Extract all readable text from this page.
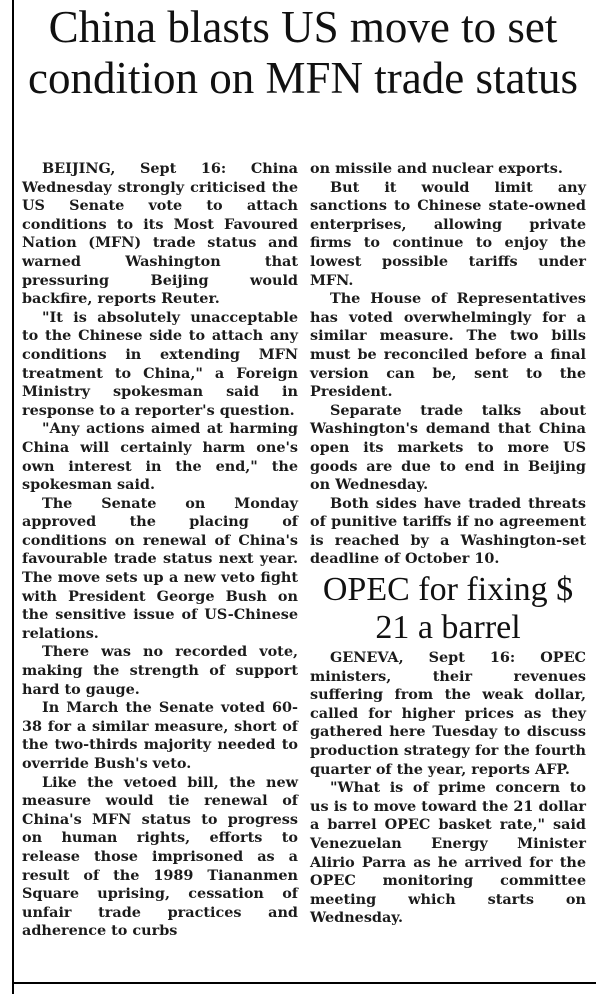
China blasts US move to set condition on MFN trade status

BEIJING, Sept 16: China Wednesday strongly criticised the US Senate vote to attach conditions to its Most Favoured Nation (MFN) trade status and warned Washington that pressuring Beijing would backfire, reports Reuter.

"It is absolutely unacceptable to the Chinese side to attach any conditions in extending MFN treatment to China," a Foreign Ministry spokesman said in response to a reporter's question.

"Any actions aimed at harming China will certainly harm one's own interest in the end," the spokesman said.

The Senate on Monday approved the placing of conditions on renewal of China's favourable trade status next year. The move sets up a new veto fight with President George Bush on the sensitive issue of US-Chinese relations.

There was no recorded vote, making the strength of support hard to gauge.

In March the Senate voted 60-38 for a similar measure, short of the two-thirds majority needed to override Bush's veto.

Like the vetoed bill, the new measure would tie renewal of China's MFN status to progress on human rights, efforts to release those imprisoned as a result of the 1989 Tiananmen Square uprising, cessation of unfair trade practices and adherence to curbs

on missile and nuclear exports.

But it would limit any sanctions to Chinese state-owned enterprises, allowing private firms to continue to enjoy the lowest possible tariffs under MFN.

The House of Representatives has voted overwhelmingly for a similar measure. The two bills must be reconciled before a final version can be, sent to the President.

Separate trade talks about Washington's demand that China open its markets to more US goods are due to end in Beijing on Wednesday.

Both sides have traded threats of punitive tariffs if no agreement is reached by a Washington-set deadline of October 10.

OPEC for fixing $ 21 a barrel

GENEVA, Sept 16: OPEC ministers, their revenues suffering from the weak dollar, called for higher prices as they gathered here Tuesday to discuss production strategy for the fourth quarter of the year, reports AFP.

"What is of prime concern to us is to move toward the 21 dollar a barrel OPEC basket rate," said Venezuelan Energy Minister Alirio Parra as he arrived for the OPEC monitoring committee meeting which starts on Wednesday.
